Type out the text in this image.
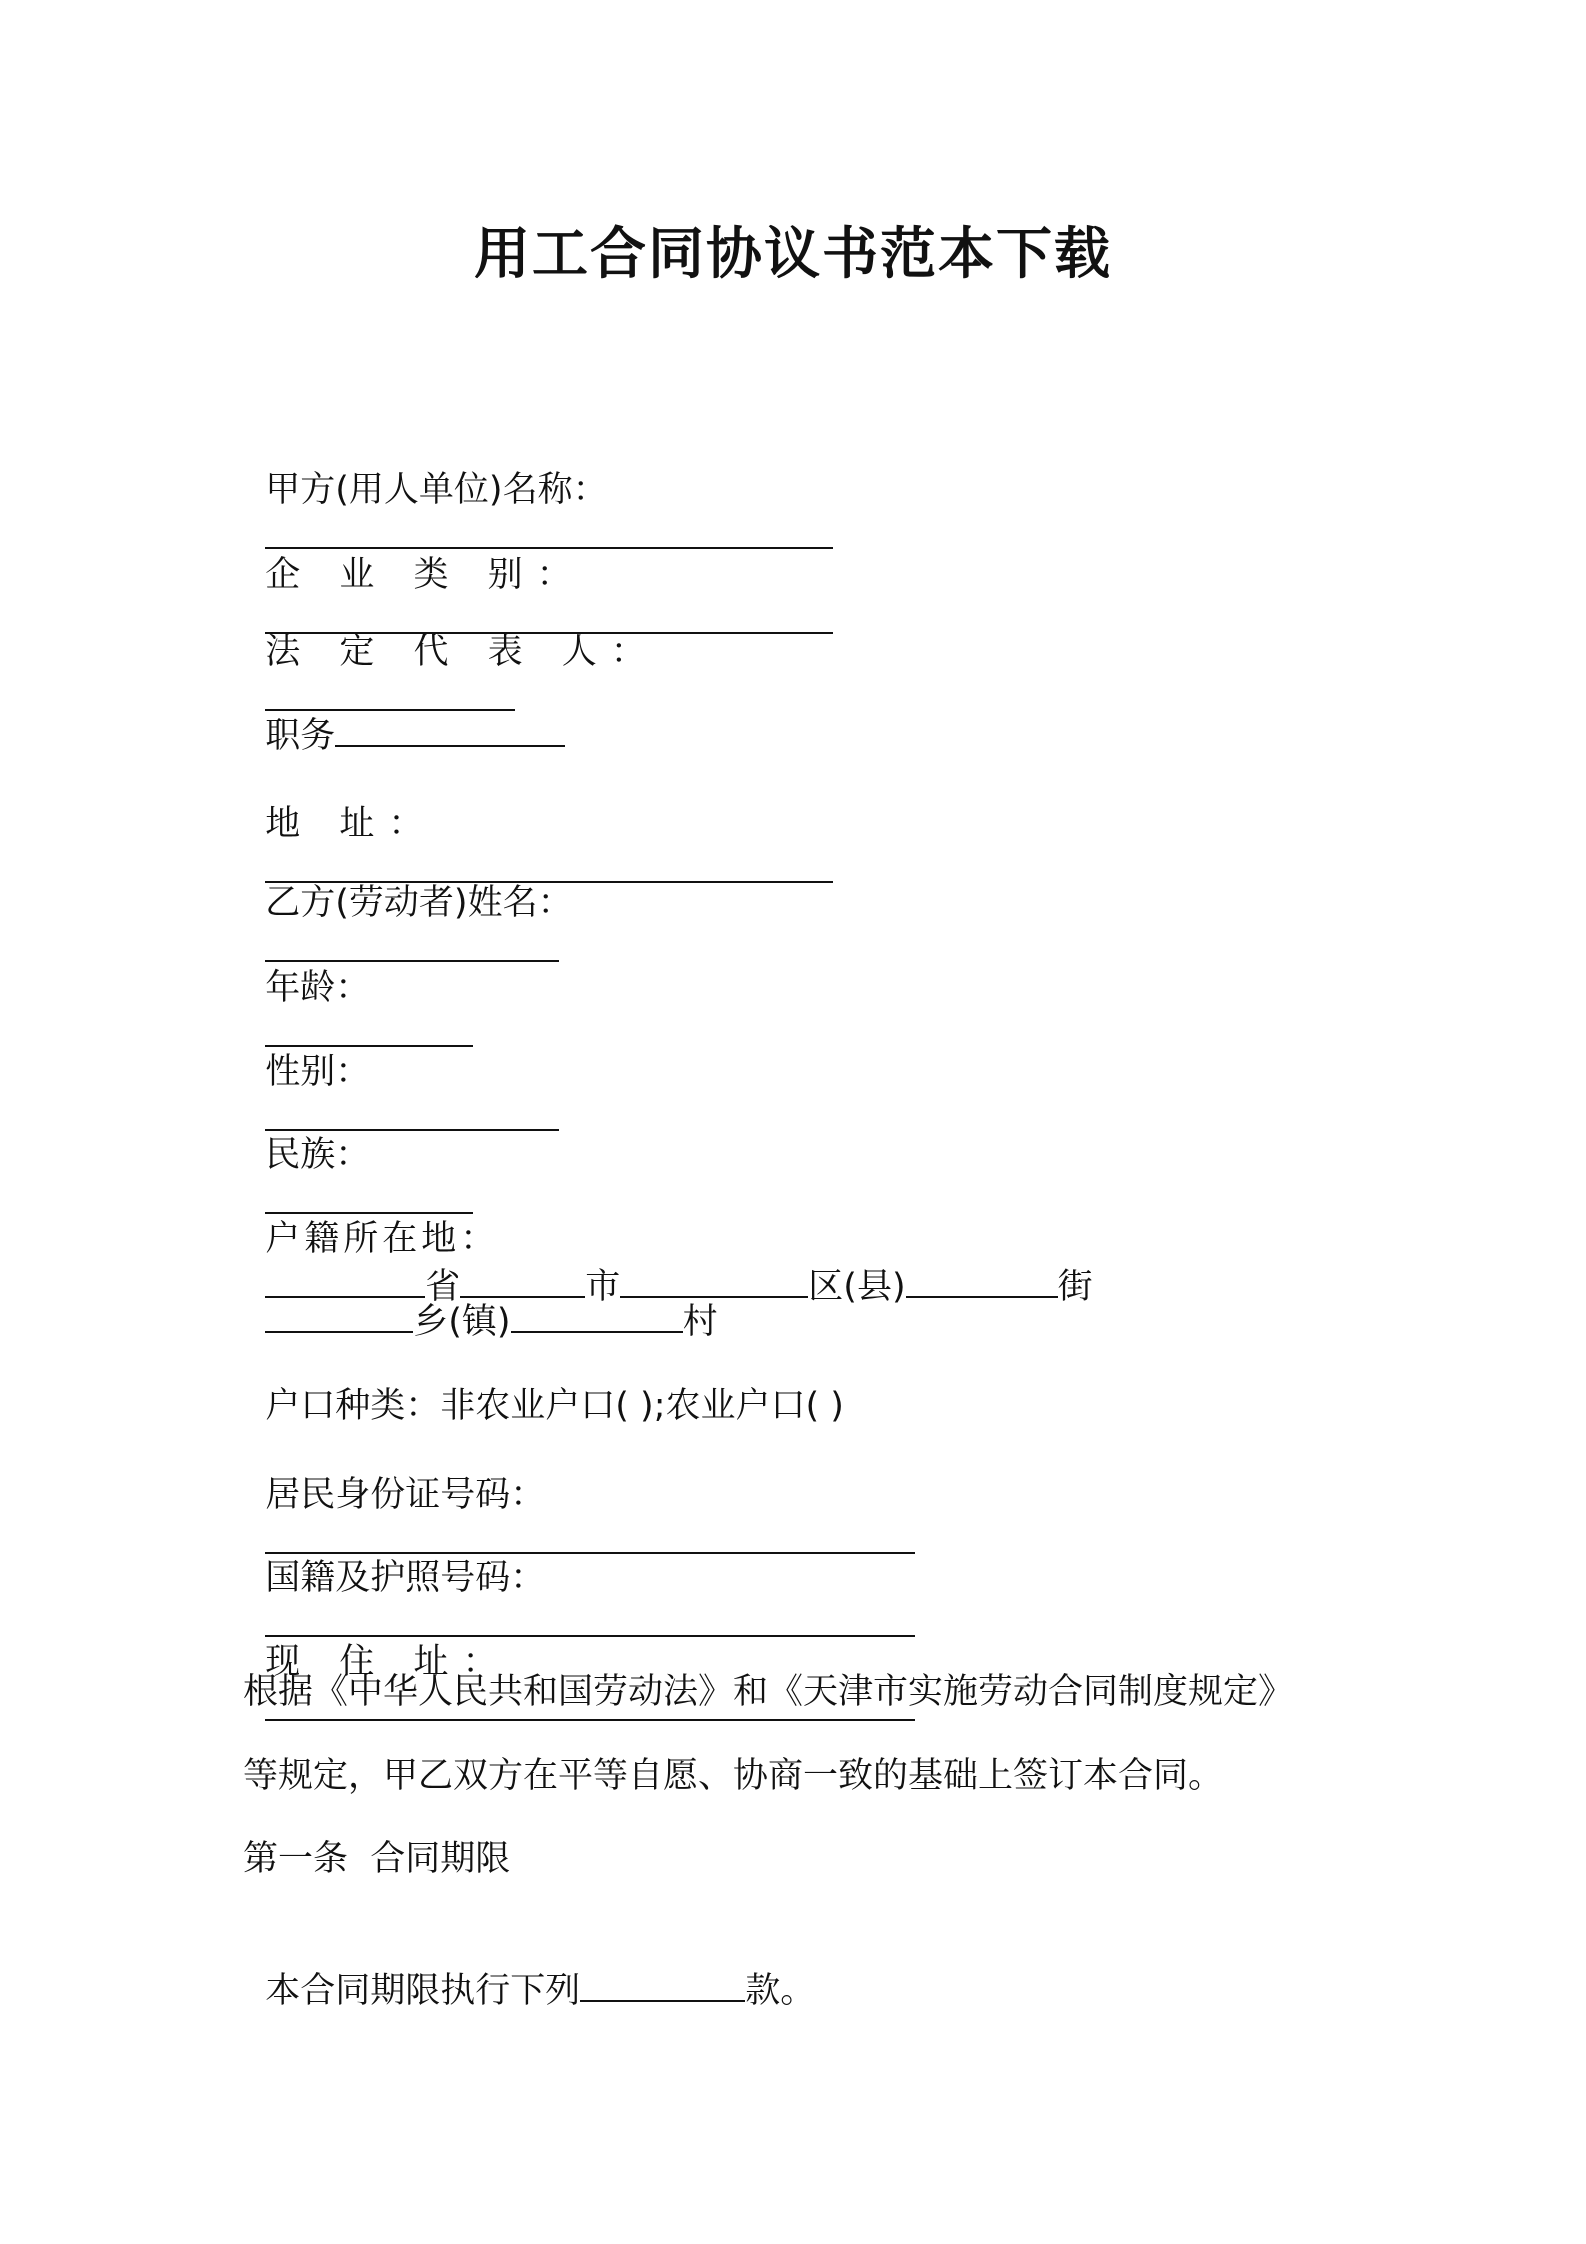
用工合同协议书范本下载

甲方(用人单位)名称：

企 业 类 别：

法 定 代 表 人：

职务

地 址：

乙方(劳动者)姓名：

年龄：

性别：

民族：

户籍所在地：
省	市	区(县)	街

乡(镇)	村

户口种类：非农业户口( );农业户口( )

居民身份证号码：

国籍及护照号码：

现 住 址：

根据《中华人民共和国劳动法》和《天津市实施劳动合同制度规定》
等规定，甲乙双方在平等自愿、协商一致的基础上签订本合同。
第一条  合同期限

本合同期限执行下列	款。
